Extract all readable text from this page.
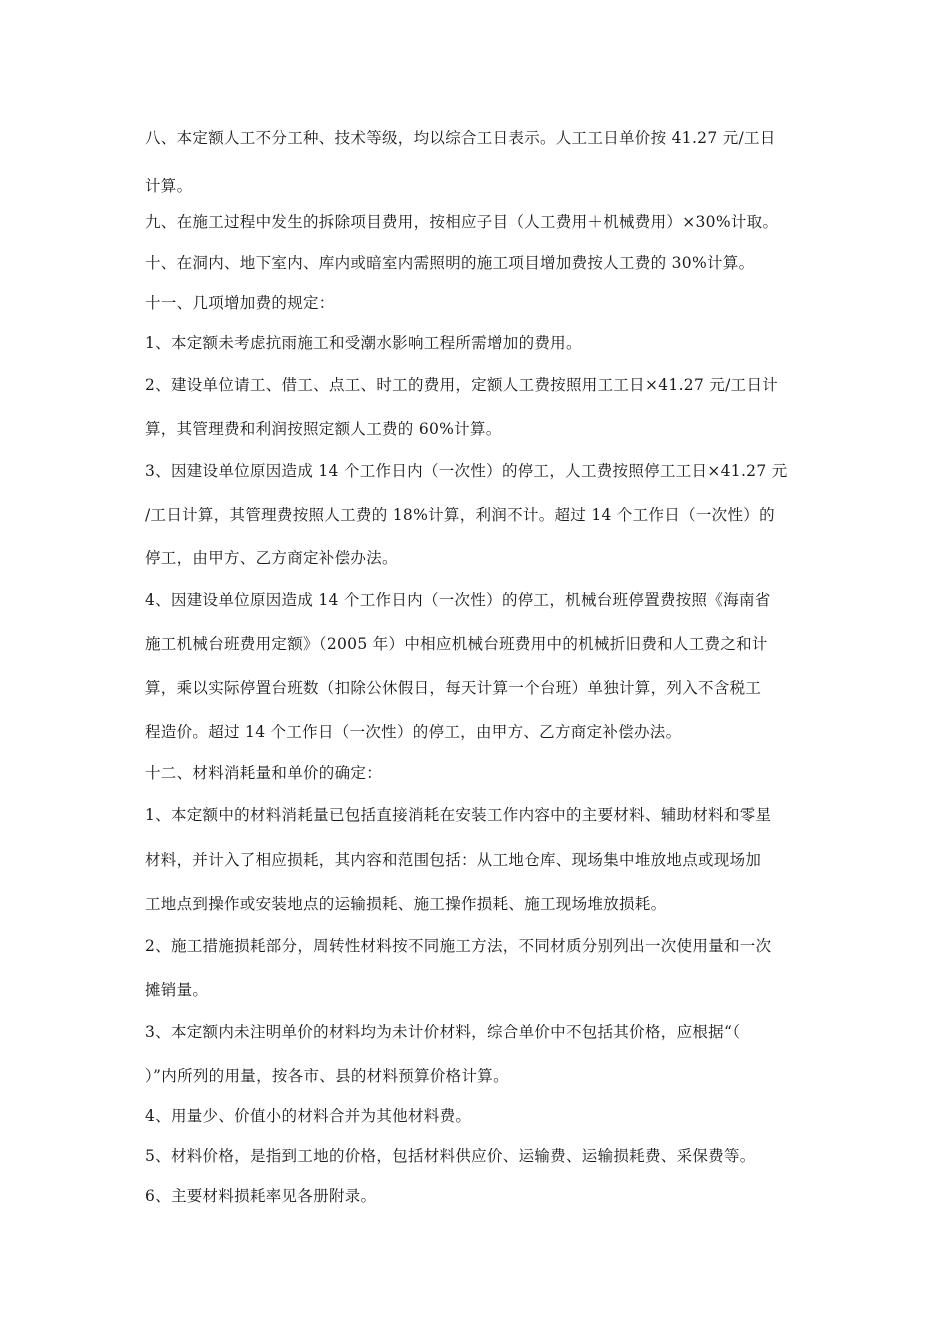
八、本定额人工不分工种、技术等级，均以综合工日表示。人工工日单价按 41.27 元/工日
计算。
九、在施工过程中发生的拆除项目费用，按相应子目（人工费用＋机械费用）×30%计取。
十、在洞内、地下室内、库内或暗室内需照明的施工项目增加费按人工费的 30%计算。
十一、几项增加费的规定：
1、本定额未考虑抗雨施工和受潮水影响工程所需增加的费用。
2、建设单位请工、借工、点工、时工的费用，定额人工费按照用工工日×41.27 元/工日计
算，其管理费和利润按照定额人工费的 60%计算。
3、因建设单位原因造成 14 个工作日内（一次性）的停工，人工费按照停工工日×41.27 元
/工日计算，其管理费按照人工费的 18%计算，利润不计。超过 14 个工作日（一次性）的
停工，由甲方、乙方商定补偿办法。
4、因建设单位原因造成 14 个工作日内（一次性）的停工，机械台班停置费按照《海南省
施工机械台班费用定额》（2005 年）中相应机械台班费用中的机械折旧费和人工费之和计
算，乘以实际停置台班数（扣除公休假日，每天计算一个台班）单独计算，列入不含税工
程造价。超过 14 个工作日（一次性）的停工，由甲方、乙方商定补偿办法。
十二、材料消耗量和单价的确定：
1、本定额中的材料消耗量已包括直接消耗在安装工作内容中的主要材料、辅助材料和零星
材料，并计入了相应损耗，其内容和范围包括：从工地仓库、现场集中堆放地点或现场加
工地点到操作或安装地点的运输损耗、施工操作损耗、施工现场堆放损耗。
2、施工措施损耗部分，周转性材料按不同施工方法，不同材质分别列出一次使用量和一次
摊销量。
3、本定额内未注明单价的材料均为未计价材料，综合单价中不包括其价格，应根据“（
）”内所列的用量，按各市、县的材料预算价格计算。
4、用量少、价值小的材料合并为其他材料费。
5、材料价格，是指到工地的价格，包括材料供应价、运输费、运输损耗费、采保费等。
6、主要材料损耗率见各册附录。
